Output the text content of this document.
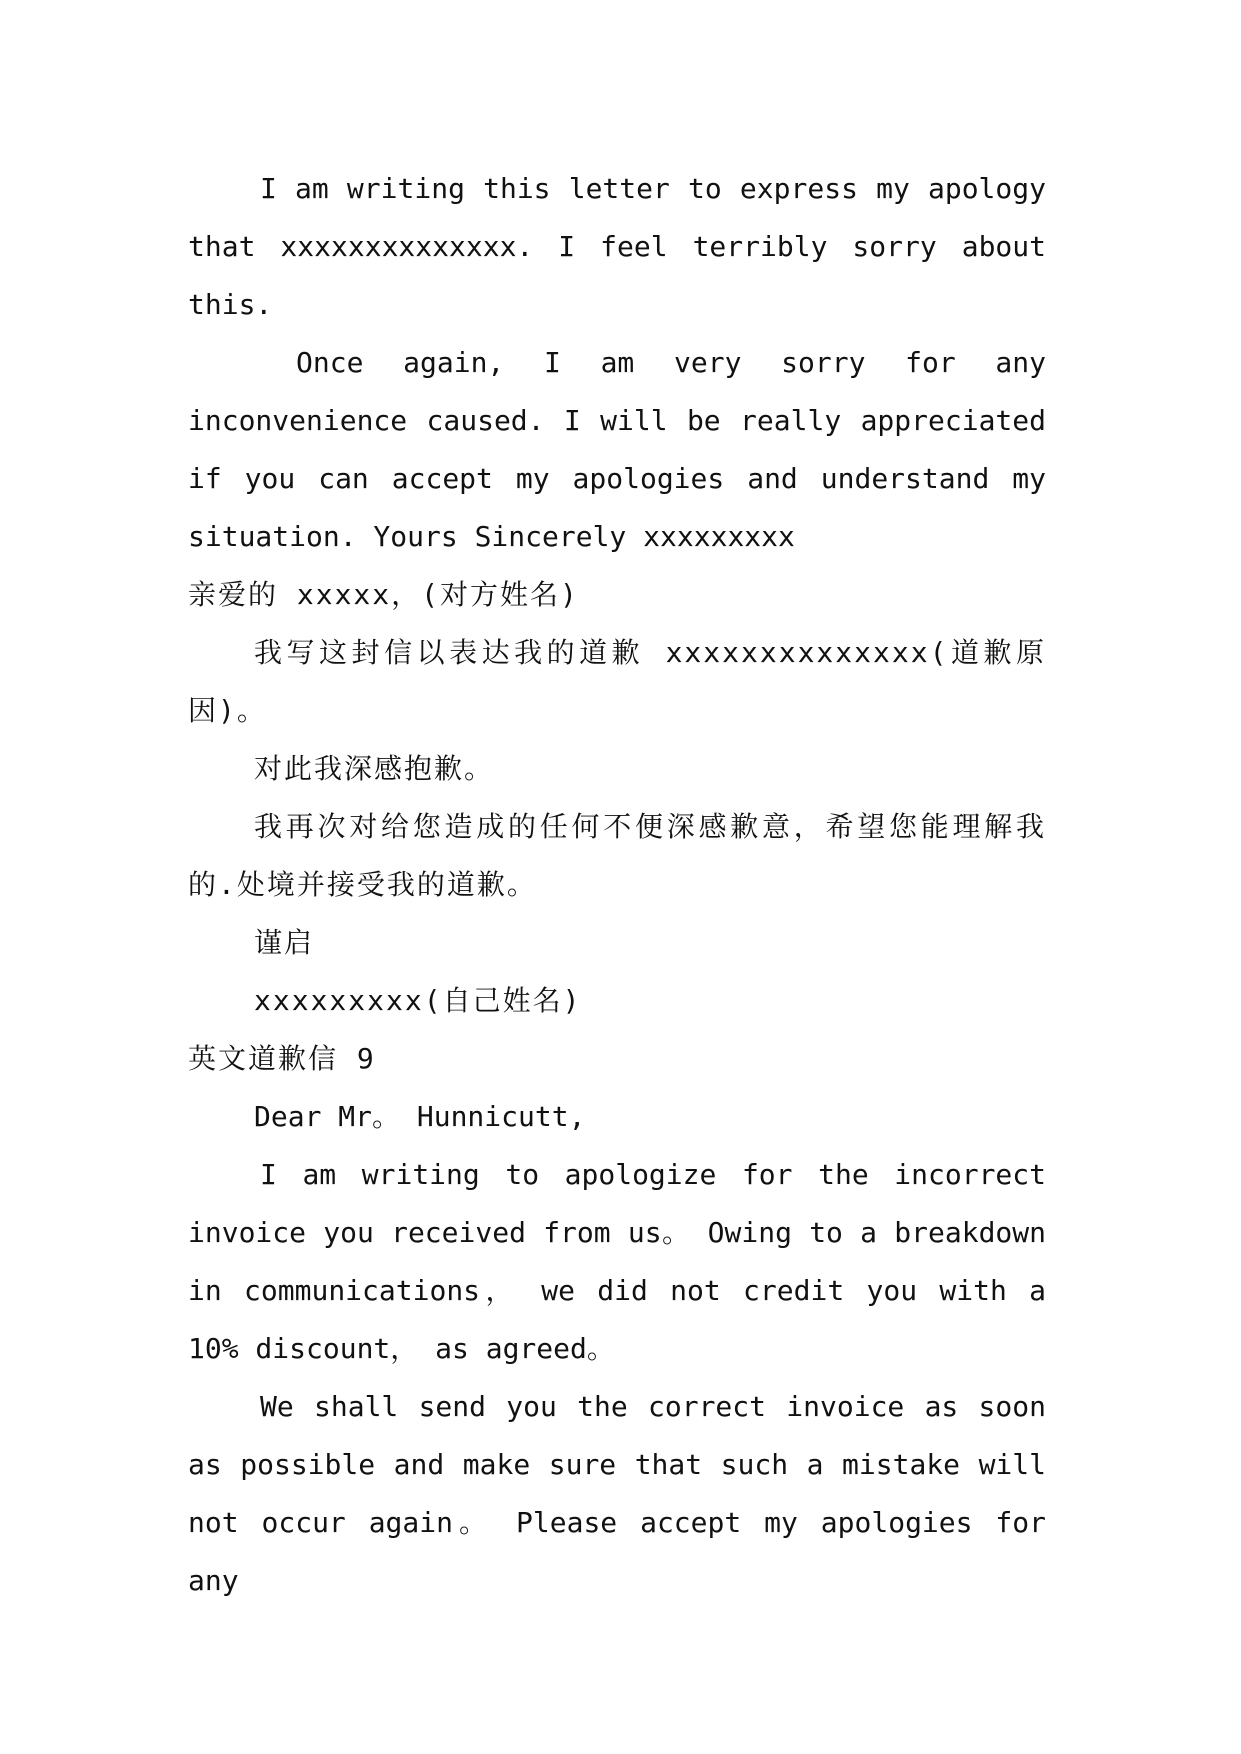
I am writing this letter to express my apology that xxxxxxxxxxxxxx. I feel terribly sorry about this.

Once again, I am very sorry for any inconvenience caused. I will be really appreciated if you can accept my apologies and understand my situation. Yours Sincerely xxxxxxxxx

亲爱的 xxxxx，(对方姓名)

我写这封信以表达我的道歉 xxxxxxxxxxxxxx(道歉原因)。

对此我深感抱歉。

我再次对给您造成的任何不便深感歉意，希望您能理解我的.处境并接受我的道歉。

谨启

xxxxxxxxx(自己姓名)

英文道歉信 9

Dear Mr。 Hunnicutt,

I am writing to apologize for the incorrect invoice you received from us。 Owing to a breakdown in communications， we did not credit you with a 10% discount， as agreed。

We shall send you the correct invoice as soon as possible and make sure that such a mistake will not occur again。 Please accept my apologies for any
